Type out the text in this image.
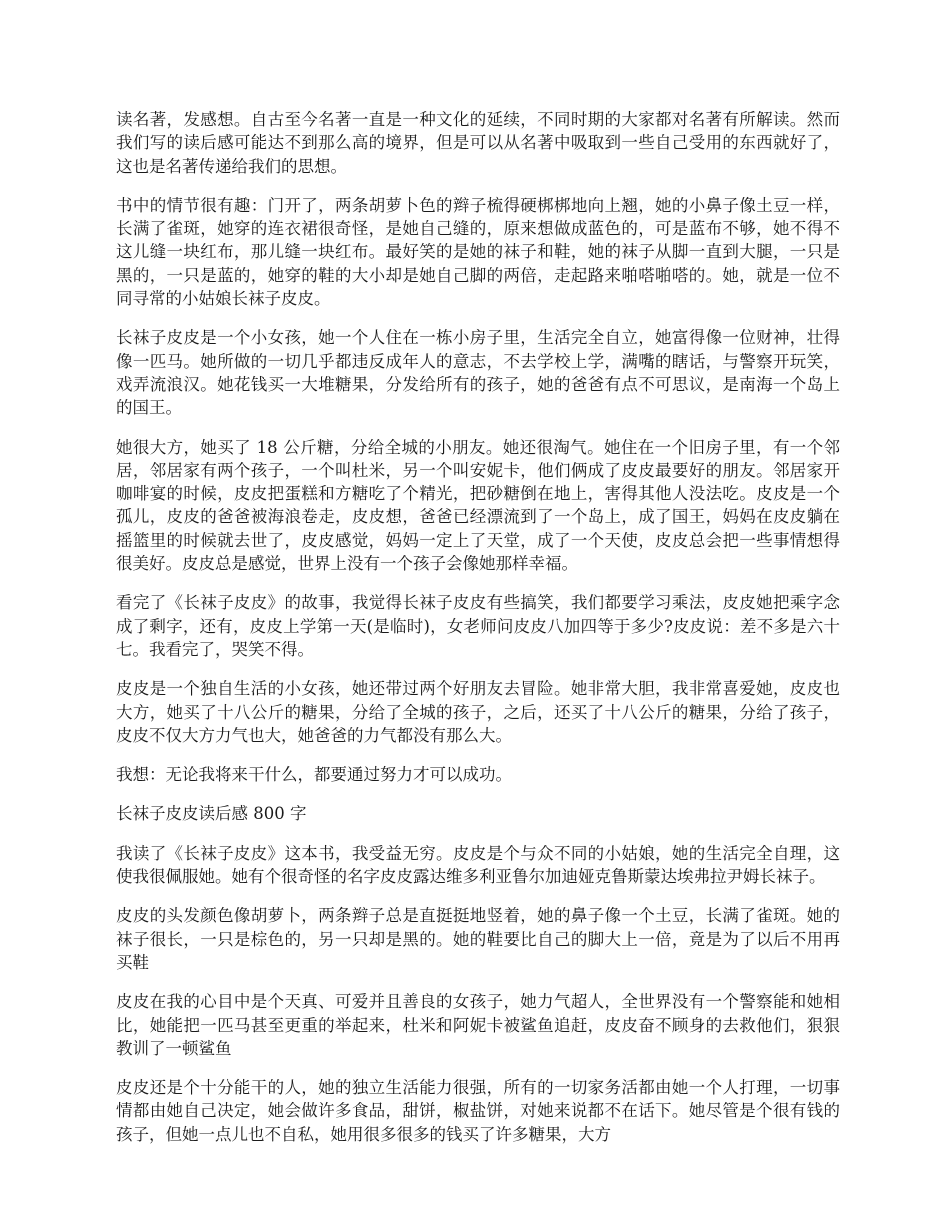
读名著，发感想。自古至今名著一直是一种文化的延续，不同时期的大家都对名著有所解读。然而我们写的读后感可能达不到那么高的境界，但是可以从名著中吸取到一些自己受用的东西就好了，这也是名著传递给我们的思想。

书中的情节很有趣：门开了，两条胡萝卜色的辫子梳得硬梆梆地向上翘，她的小鼻子像土豆一样，长满了雀斑，她穿的连衣裙很奇怪，是她自己缝的，原来想做成蓝色的，可是蓝布不够，她不得不这儿缝一块红布，那儿缝一块红布。最好笑的是她的袜子和鞋，她的袜子从脚一直到大腿，一只是黑的，一只是蓝的，她穿的鞋的大小却是她自己脚的两倍，走起路来啪嗒啪嗒的。她，就是一位不同寻常的小姑娘长袜子皮皮。

长袜子皮皮是一个小女孩，她一个人住在一栋小房子里，生活完全自立，她富得像一位财神，壮得像一匹马。她所做的一切几乎都违反成年人的意志，不去学校上学，满嘴的瞎话，与警察开玩笑，戏弄流浪汉。她花钱买一大堆糖果，分发给所有的孩子，她的爸爸有点不可思议，是南海一个岛上的国王。

她很大方，她买了 18 公斤糖，分给全城的小朋友。她还很淘气。她住在一个旧房子里，有一个邻居，邻居家有两个孩子，一个叫杜米，另一个叫安妮卡，他们俩成了皮皮最要好的朋友。邻居家开咖啡宴的时候，皮皮把蛋糕和方糖吃了个精光，把砂糖倒在地上，害得其他人没法吃。皮皮是一个孤儿，皮皮的爸爸被海浪卷走，皮皮想，爸爸已经漂流到了一个岛上，成了国王，妈妈在皮皮躺在摇篮里的时候就去世了，皮皮感觉，妈妈一定上了天堂，成了一个天使，皮皮总会把一些事情想得很美好。皮皮总是感觉，世界上没有一个孩子会像她那样幸福。

看完了《长袜子皮皮》的故事，我觉得长袜子皮皮有些搞笑，我们都要学习乘法，皮皮她把乘字念成了剩字，还有，皮皮上学第一天(是临时)，女老师问皮皮八加四等于多少?皮皮说：差不多是六十七。我看完了，哭笑不得。

皮皮是一个独自生活的小女孩，她还带过两个好朋友去冒险。她非常大胆，我非常喜爱她，皮皮也大方，她买了十八公斤的糖果，分给了全城的孩子，之后，还买了十八公斤的糖果，分给了孩子，皮皮不仅大方力气也大，她爸爸的力气都没有那么大。

我想：无论我将来干什么，都要通过努力才可以成功。

长袜子皮皮读后感 800 字

我读了《长袜子皮皮》这本书，我受益无穷。皮皮是个与众不同的小姑娘，她的生活完全自理，这使我很佩服她。她有个很奇怪的名字皮皮露达维多利亚鲁尔加迪娅克鲁斯蒙达埃弗拉尹姆长袜子。

皮皮的头发颜色像胡萝卜，两条辫子总是直挺挺地竖着，她的鼻子像一个土豆，长满了雀斑。她的袜子很长，一只是棕色的，另一只却是黑的。她的鞋要比自己的脚大上一倍，竟是为了以后不用再买鞋

皮皮在我的心目中是个天真、可爱并且善良的女孩子，她力气超人，全世界没有一个警察能和她相比，她能把一匹马甚至更重的举起来，杜米和阿妮卡被鲨鱼追赶，皮皮奋不顾身的去救他们，狠狠教训了一顿鲨鱼

皮皮还是个十分能干的人，她的独立生活能力很强，所有的一切家务活都由她一个人打理，一切事情都由她自己决定，她会做许多食品，甜饼，椒盐饼，对她来说都不在话下。她尽管是个很有钱的孩子，但她一点儿也不自私，她用很多很多的钱买了许多糖果，大方
